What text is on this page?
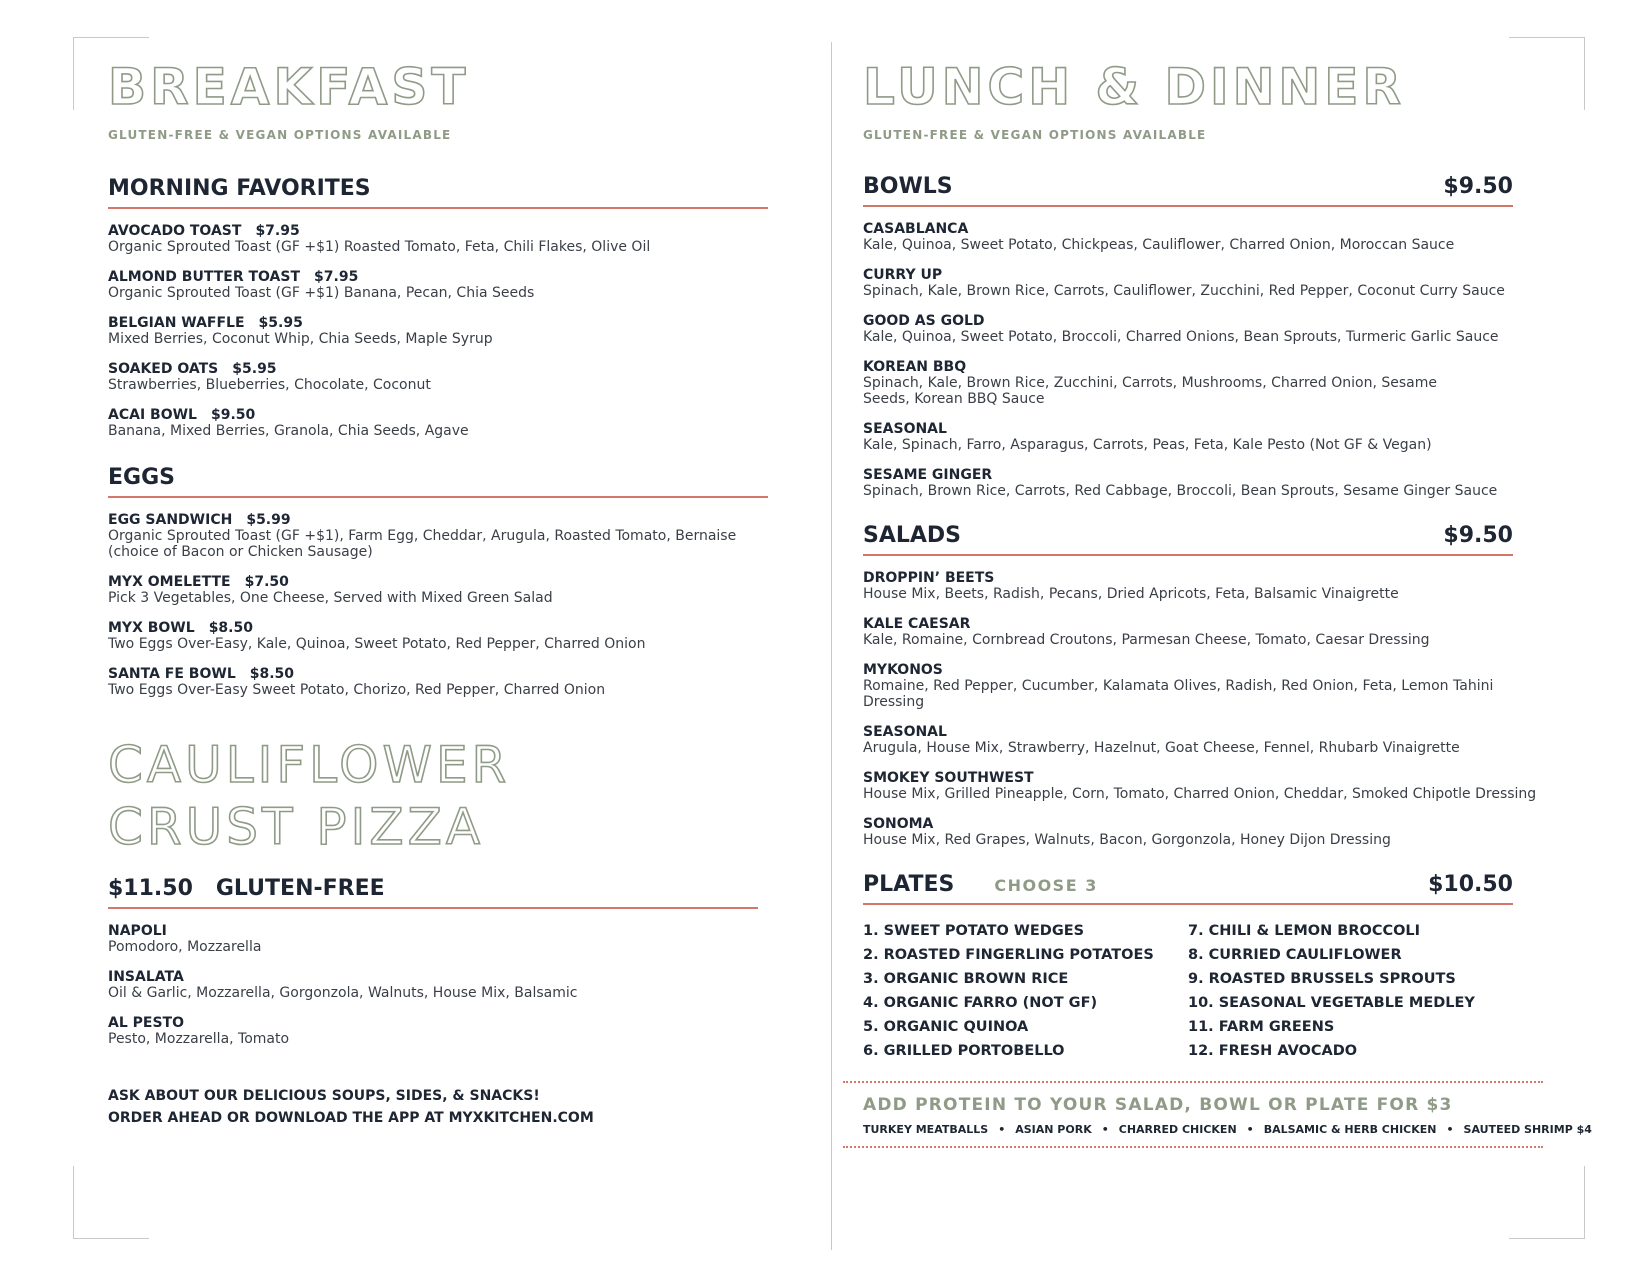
BREAKFAST
GLUTEN-FREE & VEGAN OPTIONS AVAILABLE
MORNING FAVORITES
AVOCADO TOAST $7.95
Organic Sprouted Toast (GF +$1) Roasted Tomato, Feta, Chili Flakes, Olive Oil
ALMOND BUTTER TOAST $7.95
Organic Sprouted Toast (GF +$1) Banana, Pecan, Chia Seeds
BELGIAN WAFFLE $5.95
Mixed Berries, Coconut Whip, Chia Seeds, Maple Syrup
SOAKED OATS $5.95
Strawberries, Blueberries, Chocolate, Coconut
ACAI BOWL $9.50
Banana, Mixed Berries, Granola, Chia Seeds, Agave
EGGS
EGG SANDWICH $5.99
Organic Sprouted Toast (GF +$1), Farm Egg, Cheddar, Arugula, Roasted Tomato, Bernaise (choice of Bacon or Chicken Sausage)
MYX OMELETTE $7.50
Pick 3 Vegetables, One Cheese, Served with Mixed Green Salad
MYX BOWL $8.50
Two Eggs Over-Easy, Kale, Quinoa, Sweet Potato, Red Pepper, Charred Onion
SANTA FE BOWL $8.50
Two Eggs Over-Easy Sweet Potato, Chorizo, Red Pepper, Charred Onion
CAULIFLOWER
CRUST PIZZA
$11.50   GLUTEN-FREE
NAPOLI
Pomodoro, Mozzarella
INSALATA
Oil & Garlic, Mozzarella, Gorgonzola, Walnuts, House Mix, Balsamic
AL PESTO
Pesto, Mozzarella, Tomato
ASK ABOUT OUR DELICIOUS SOUPS, SIDES, & SNACKS!
ORDER AHEAD OR DOWNLOAD THE APP AT MYXKITCHEN.COM
LUNCH & DINNER
GLUTEN-FREE & VEGAN OPTIONS AVAILABLE
BOWLS	$9.50
CASABLANCA
Kale, Quinoa, Sweet Potato, Chickpeas, Cauliflower, Charred Onion, Moroccan Sauce
CURRY UP
Spinach, Kale, Brown Rice, Carrots, Cauliflower, Zucchini, Red Pepper, Coconut Curry Sauce
GOOD AS GOLD
Kale, Quinoa, Sweet Potato, Broccoli, Charred Onions, Bean Sprouts, Turmeric Garlic Sauce
KOREAN BBQ
Spinach, Kale, Brown Rice, Zucchini, Carrots, Mushrooms, Charred Onion, Sesame Seeds, Korean BBQ Sauce
SEASONAL
Kale, Spinach, Farro, Asparagus, Carrots, Peas, Feta, Kale Pesto (Not GF & Vegan)
SESAME GINGER
Spinach, Brown Rice, Carrots, Red Cabbage, Broccoli, Bean Sprouts, Sesame Ginger Sauce
SALADS	$9.50
DROPPIN’ BEETS
House Mix, Beets, Radish, Pecans, Dried Apricots, Feta, Balsamic Vinaigrette
KALE CAESAR
Kale, Romaine, Cornbread Croutons, Parmesan Cheese, Tomato, Caesar Dressing
MYKONOS
Romaine, Red Pepper, Cucumber, Kalamata Olives, Radish, Red Onion, Feta, Lemon Tahini Dressing
SEASONAL
Arugula, House Mix, Strawberry, Hazelnut, Goat Cheese, Fennel, Rhubarb Vinaigrette
SMOKEY SOUTHWEST
House Mix, Grilled Pineapple, Corn, Tomato, Charred Onion, Cheddar, Smoked Chipotle Dressing
SONOMA
House Mix, Red Grapes, Walnuts, Bacon, Gorgonzola, Honey Dijon Dressing
PLATES	CHOOSE 3	$10.50
1. SWEET POTATO WEDGES	7. CHILI & LEMON BROCCOLI
2. ROASTED FINGERLING POTATOES	8. CURRIED CAULIFLOWER
3. ORGANIC BROWN RICE	9. ROASTED BRUSSELS SPROUTS
4. ORGANIC FARRO (NOT GF)	10. SEASONAL VEGETABLE MEDLEY
5. ORGANIC QUINOA	11. FARM GREENS
6. GRILLED PORTOBELLO	12. FRESH AVOCADO
ADD PROTEIN TO YOUR SALAD, BOWL OR PLATE FOR $3
TURKEY MEATBALLS • ASIAN PORK • CHARRED CHICKEN • BALSAMIC & HERB CHICKEN • SAUTEED SHRIMP $4
